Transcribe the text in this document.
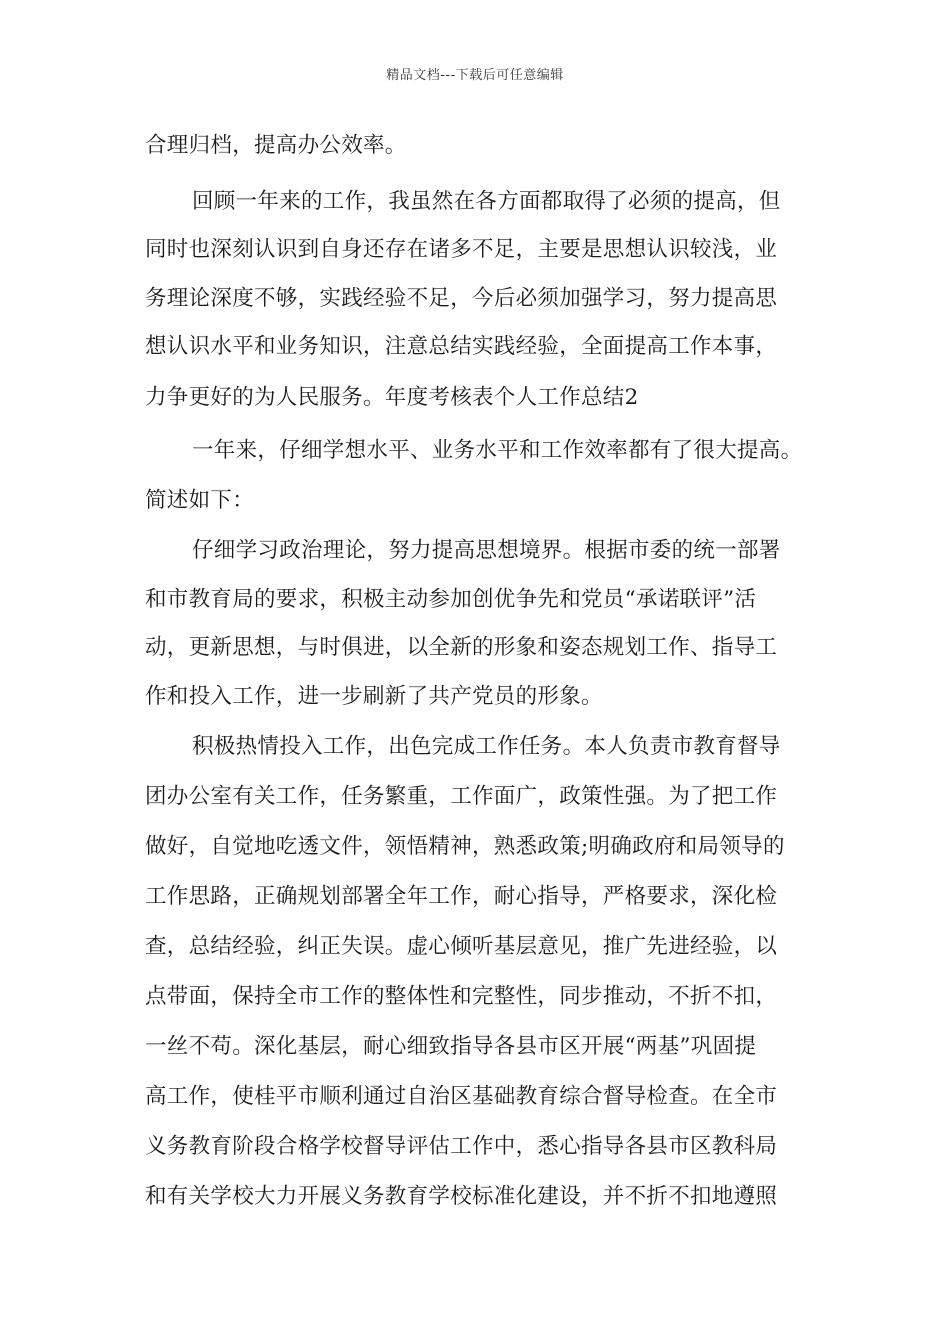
精品文档---下载后可任意编辑
合理归档，提高办公效率。
回顾一年来的工作，我虽然在各方面都取得了必须的提高，但
同时也深刻认识到自身还存在诸多不足，主要是思想认识较浅，业
务理论深度不够，实践经验不足，今后必须加强学习，努力提高思
想认识水平和业务知识，注意总结实践经验，全面提高工作本事，
力争更好的为人民服务。年度考核表个人工作总结2
一年来，仔细学想水平、业务水平和工作效率都有了很大提高。
简述如下：
仔细学习政治理论，努力提高思想境界。根据市委的统一部署
和市教育局的要求，积极主动参加创优争先和党员“承诺联评”活
动，更新思想，与时俱进，以全新的形象和姿态规划工作、指导工
作和投入工作，进一步刷新了共产党员的形象。
积极热情投入工作，出色完成工作任务。本人负责市教育督导
团办公室有关工作，任务繁重，工作面广，政策性强。为了把工作
做好，自觉地吃透文件，领悟精神，熟悉政策;明确政府和局领导的
工作思路，正确规划部署全年工作，耐心指导，严格要求，深化检
查，总结经验，纠正失误。虚心倾听基层意见，推广先进经验，以
点带面，保持全市工作的整体性和完整性，同步推动，不折不扣，
一丝不苟。深化基层，耐心细致指导各县市区开展“两基”巩固提
高工作，使桂平市顺利通过自治区基础教育综合督导检查。在全市
义务教育阶段合格学校督导评估工作中，悉心指导各县市区教科局
和有关学校大力开展义务教育学校标准化建设，并不折不扣地遵照
